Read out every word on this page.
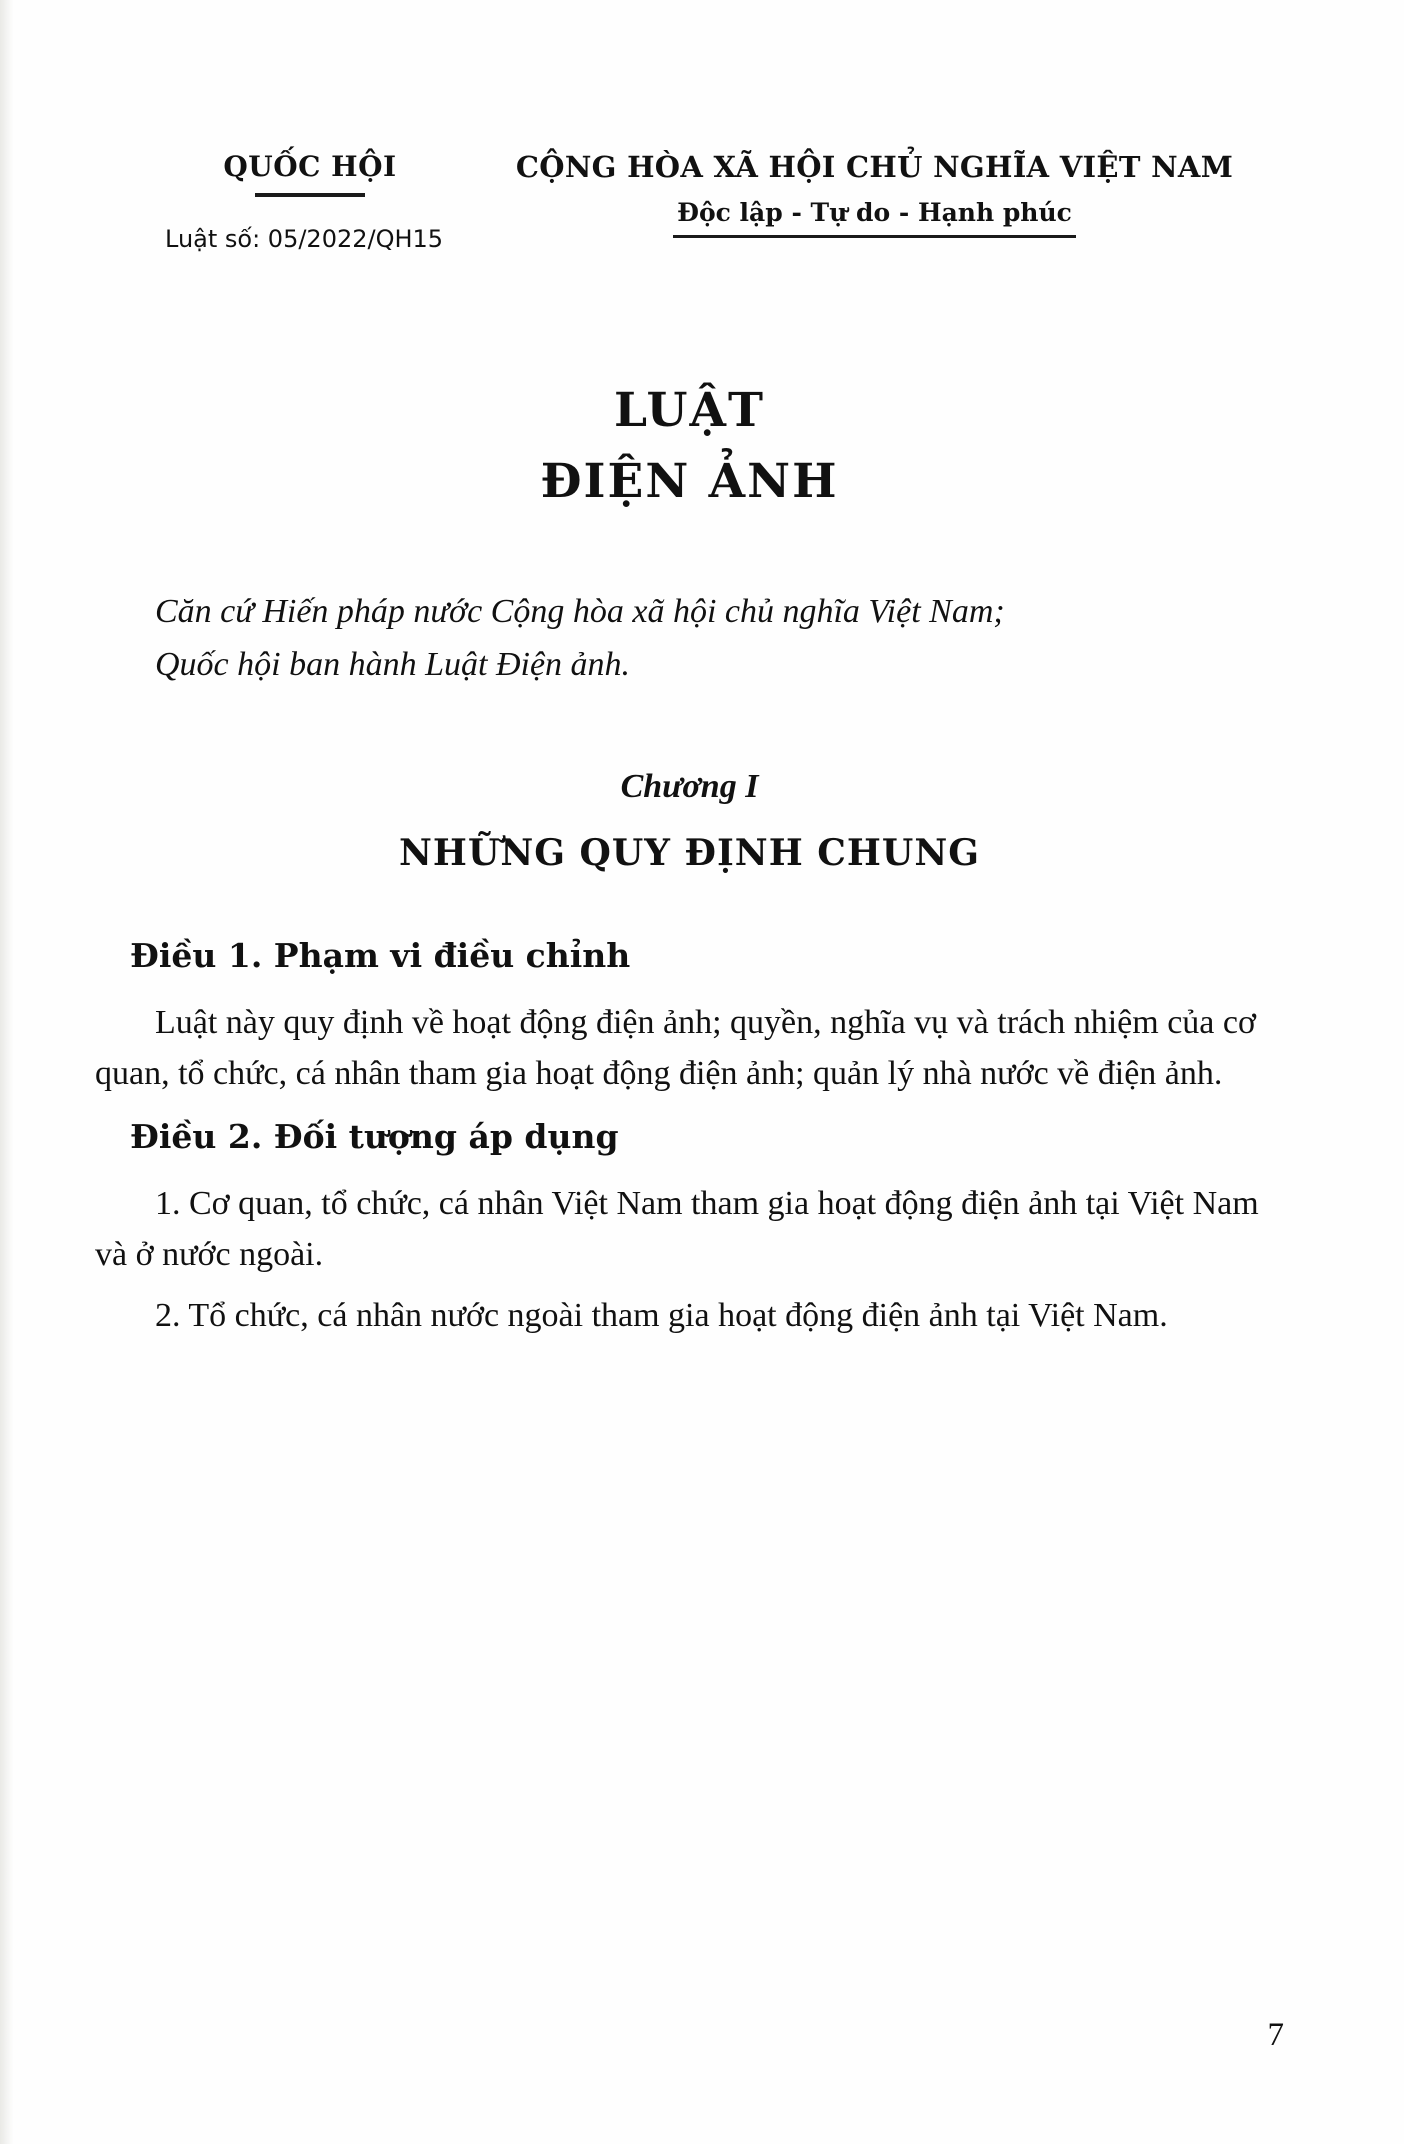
QUỐC HỘI
Luật số: 05/2022/QH15
CỘNG HÒA XÃ HỘI CHỦ NGHĨA VIỆT NAM
Độc lập - Tự do - Hạnh phúc
LUẬT
ĐIỆN ẢNH

Căn cứ Hiến pháp nước Cộng hòa xã hội chủ nghĩa Việt Nam;

Quốc hội ban hành Luật Điện ảnh.

Chương I
NHỮNG QUY ĐỊNH CHUNG
Điều 1. Phạm vi điều chỉnh

Luật này quy định về hoạt động điện ảnh; quyền, nghĩa vụ và trách nhiệm của cơ quan, tổ chức, cá nhân tham gia hoạt động điện ảnh; quản lý nhà nước về điện ảnh.

Điều 2. Đối tượng áp dụng

1. Cơ quan, tổ chức, cá nhân Việt Nam tham gia hoạt động điện ảnh tại Việt Nam và ở nước ngoài.

2. Tổ chức, cá nhân nước ngoài tham gia hoạt động điện ảnh tại Việt Nam.

7
